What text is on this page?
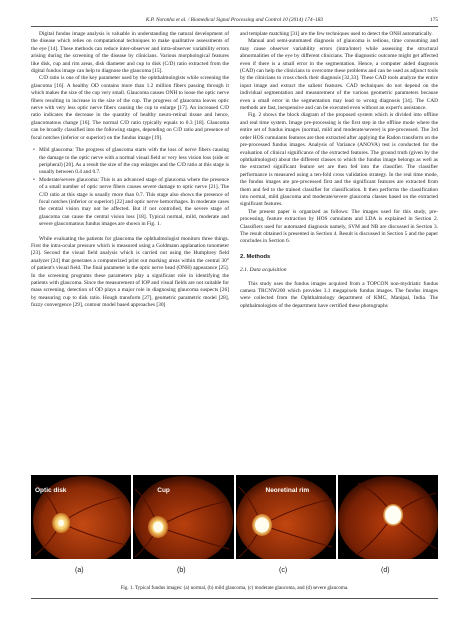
K.P. Noronha et al. / Biomedical Signal Processing and Control 10 (2014) 174–183	175

Digital fundus image analysis is valuable in understanding the natural development of the disease which relies on computational techniques to make qualitative assessments of the eye [14]. These methods can reduce inter-observer and intra-observer variability errors arising during the screening of the disease by clinicians. Various morphological features like disk, cup and rim areas, disk diameter and cup to disk (C/D) ratio extracted from the digital fundus image can help to diagnose the glaucoma [15].

C/D ratio is one of the key parameter used by the ophthalmologists while screening the glaucoma [16]. A healthy OD contains more than 1.2 million fibers passing through it which makes the size of the cup very small. Glaucoma causes ONH to loose the optic nerve fibers resulting in increase in the size of the cup. The progress of glaucoma leaves optic nerve with very less optic nerve fibers causing the cup to enlarge [17]. An increased C/D ratio indicates the decrease in the quantity of healthy neuro-retinal tissue and hence, glaucomatous change [16]. The normal C/D ratio typically equals to 0.3 [18]. Glaucoma can be broadly classified into the following stages, depending on C/D ratio and presence of focal notches (inferior or superior) on the fundus image [19].

• Mild glaucoma: The progress of glaucoma starts with the loss of nerve fibers causing the damage to the optic nerve with a normal visual field or very less vision loss (side or peripheral) [20]. As a result the size of the cup enlarges and the C/D ratio at this stage is usually between 0.4 and 0.7.
• Moderate/severe glaucoma: This is an advanced stage of glaucoma where the presence of a small number of optic nerve fibers causes severe damage to optic nerve [21]. The C/D ratio at this stage is usually more than 0.7. This stage also shows the presence of focal notches (inferior or superior) [22] and optic nerve hemorrhages. In moderate cases the central vision may not be affected. But if not controlled, the severe stage of glaucoma can cause the central vision loss [18]. Typical normal, mild, moderate and severe glaucomatous fundus images are shown in Fig. 1.

While evaluating the patients for glaucoma the ophthalmologist monitors three things. First the intra-ocular pressure which is measured using a Goldmann applanation tonometer [23]. Second the visual field analysis which is carried out using the Humphrey field analyzer [24] that generates a computerized print out marking areas within the central 30° of patient's visual field. The final parameter is the optic nerve head (ONH) appearance [25]. In the screening programs these parameters play a significant role in identifying the patients with glaucoma. Since the measurement of IOP and visual fields are not suitable for mass screening, detection of OD plays a major role in diagnosing glaucoma suspects [26] by measuring cup to disk ratio. Hough transform [27], geometric parametric model [28], fuzzy convergence [29], contour model based approaches [30]

and template matching [31] are the few techniques used to detect the ONH automatically.

Manual and semi-automated diagnosis of glaucoma is tedious, time consuming and may cause observer variability errors (intra/inter) while assessing the structural abnormalities of the eye by different clinicians. The diagnostic outcome might get affected even if there is a small error in the segmentation. Hence, a computer aided diagnosis (CAD) can help the clinicians to overcome these problems and can be used as adjunct tools by the clinicians to cross check their diagnosis [32,33]. These CAD tools analyze the entire input image and extract the salient features. CAD techniques do not depend on the individual segmentation and measurement of the various geometric parameters because even a small error in the segmentation may lead to wrong diagnosis [34]. The CAD methods are fast, inexpensive and can be executed even without an expert's assistance.

Fig. 2 shows the block diagram of the proposed system which is divided into offline and real time system. Image pre-processing is the first step in the offline mode where the entire set of fundus images (normal, mild and moderate/severe) is pre-processed. The 3rd order HOS cumulants features are then extracted after applying the Radon transform on the pre-processed fundus images. Analysis of Variance (ANOVA) test is conducted for the evaluation of clinical significance of the extracted features. The ground truth (given by the ophthalmologist) about the different classes to which the fundus image belongs as well as the extracted significant feature set are then fed into the classifier. The classifier performance is measured using a ten-fold cross validation strategy. In the real time mode, the fundus images are pre-processed first and the significant features are extracted from them and fed to the trained classifier for classification. It then performs the classification into normal, mild glaucoma and moderate/severe glaucoma classes based on the extracted significant features.

The present paper is organized as follows: The images used for this study, pre-processing, feature extraction by HOS cumulants and LDA is explained in Section 2. Classifiers used for automated diagnosis namely, SVM and NB are discussed in Section 3. The result obtained is presented in Section 4. Result is discussed in Section 5 and the paper concludes in Section 6.

2. Methods
2.1. Data acquisition

This study uses the fundus images acquired from a TOPCON non-mydriatic fundus camera TRCNW200 which provides 3.1 megapixels fundus images. The fundus images were collected from the Ophthalmology department of KMC, Manipal, India. The ophthalmologists of the department have certified these photographs

Optic disk	Cup	Neoretinal rim
(a)	(b)	(c)	(d)
Fig. 1. Typical fundus images: (a) normal, (b) mild glaucoma, (c) moderate glaucoma, and (d) severe glaucoma.
